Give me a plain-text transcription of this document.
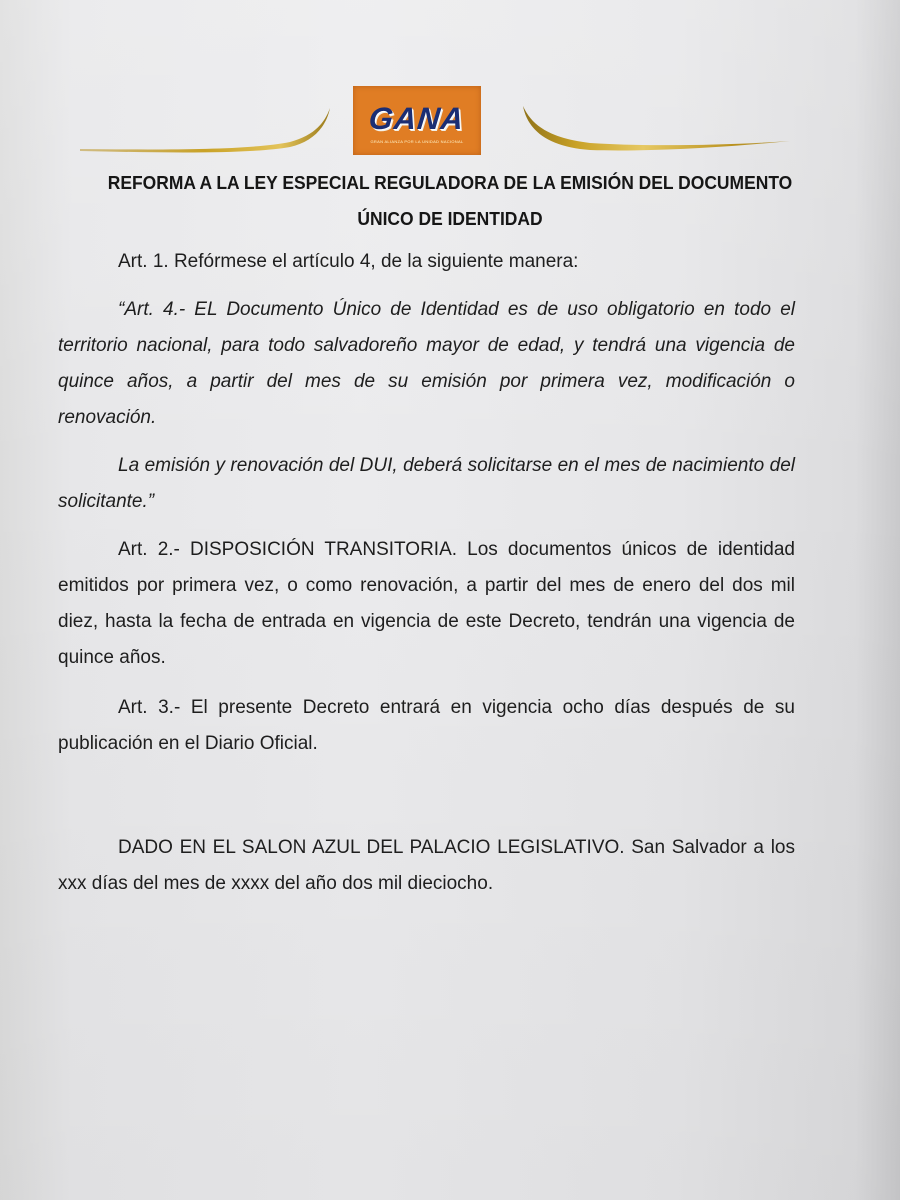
GANA
GRAN ALIANZA POR LA UNIDAD NACIONAL
REFORMA A LA LEY ESPECIAL REGULADORA DE LA EMISIÓN DEL DOCUMENTO
ÚNICO DE IDENTIDAD

Art. 1. Refórmese el artículo 4, de la siguiente manera:

“Art. 4.- EL Documento Único de Identidad es de uso obligatorio en todo el territorio nacional, para todo salvadoreño mayor de edad, y tendrá una vigencia de quince años, a partir del mes de su emisión por primera vez, modificación o renovación.

La emisión y renovación del DUI, deberá solicitarse en el mes de nacimiento del solicitante.”

Art. 2.- DISPOSICIÓN TRANSITORIA. Los documentos únicos de identidad emitidos por primera vez, o como renovación, a partir del mes de enero del dos mil diez, hasta la fecha de entrada en vigencia de este Decreto, tendrán una vigencia de quince años.

Art. 3.- El presente Decreto entrará en vigencia ocho días después de su publicación en el Diario Oficial.

DADO EN EL SALON AZUL DEL PALACIO LEGISLATIVO. San Salvador a los xxx días del mes de xxxx del año dos mil dieciocho.
